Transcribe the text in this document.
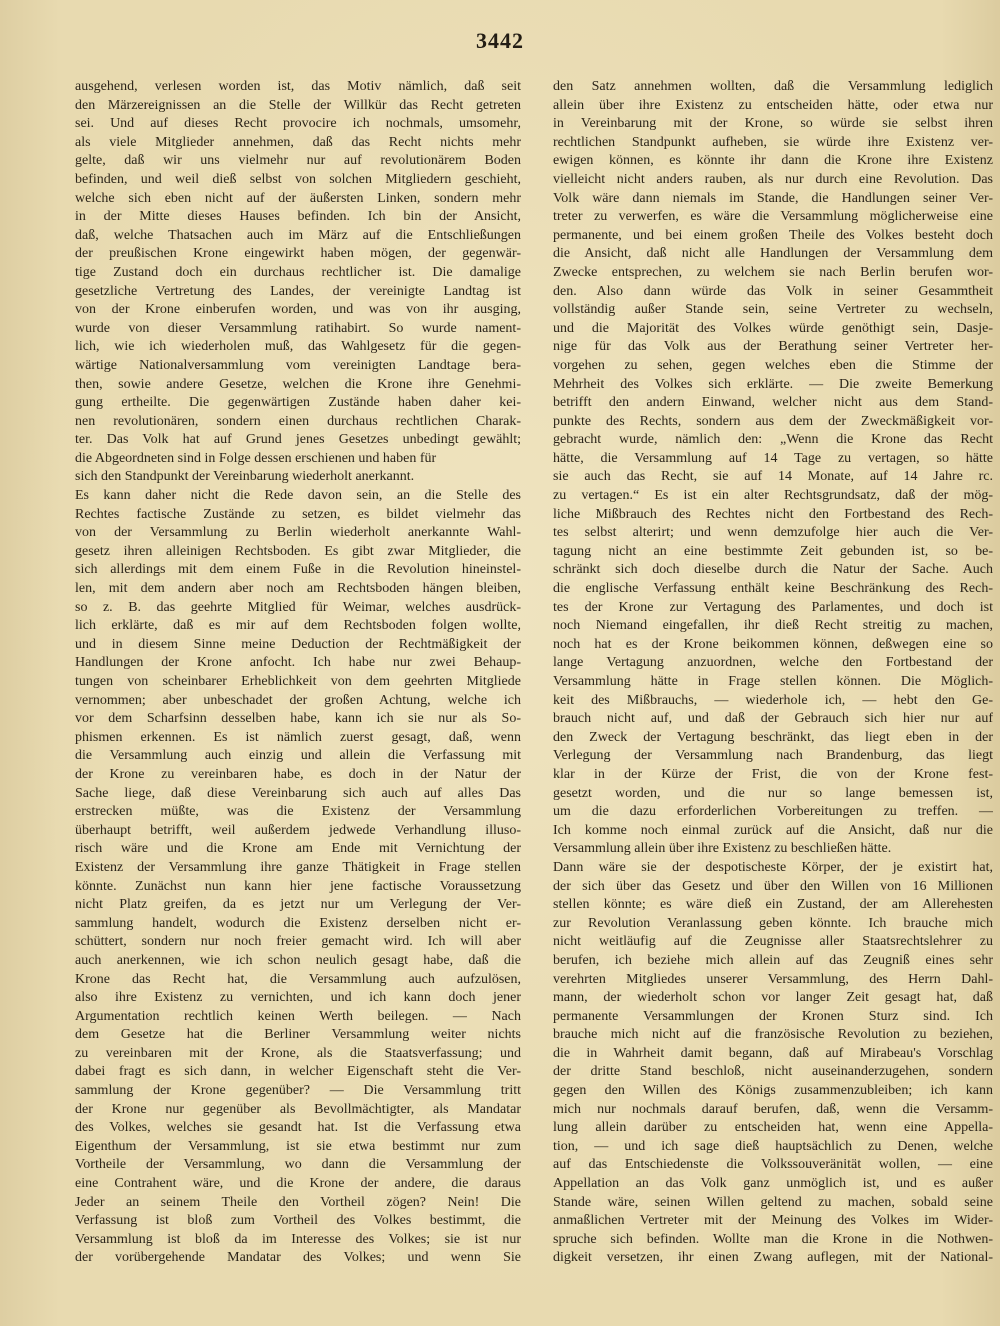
3442
ausgehend, verlesen worden ist, das Motiv nämlich, daß seit
den Märzereignissen an die Stelle der Willkür das Recht getreten
sei. Und auf dieses Recht provocire ich nochmals, umsomehr,
als viele Mitglieder annehmen, daß das Recht nichts mehr
gelte, daß wir uns vielmehr nur auf revolutionärem Boden
befinden, und weil dieß selbst von solchen Mitgliedern geschieht,
welche sich eben nicht auf der äußersten Linken, sondern mehr
in der Mitte dieses Hauses befinden. Ich bin der Ansicht,
daß, welche Thatsachen auch im März auf die Entschließungen
der preußischen Krone eingewirkt haben mögen, der gegenwär-
tige Zustand doch ein durchaus rechtlicher ist. Die damalige
gesetzliche Vertretung des Landes, der vereinigte Landtag ist
von der Krone einberufen worden, und was von ihr ausging,
wurde von dieser Versammlung ratihabirt. So wurde nament-
lich, wie ich wiederholen muß, das Wahlgesetz für die gegen-
wärtige Nationalversammlung vom vereinigten Landtage bera-
then, sowie andere Gesetze, welchen die Krone ihre Genehmi-
gung ertheilte. Die gegenwärtigen Zustände haben daher kei-
nen revolutionären, sondern einen durchaus rechtlichen Charak-
ter. Das Volk hat auf Grund jenes Gesetzes unbedingt gewählt;
die Abgeordneten sind in Folge dessen erschienen und haben für
sich den Standpunkt der Vereinbarung wiederholt anerkannt.
Es kann daher nicht die Rede davon sein, an die Stelle des
Rechtes factische Zustände zu setzen, es bildet vielmehr das
von der Versammlung zu Berlin wiederholt anerkannte Wahl-
gesetz ihren alleinigen Rechtsboden. Es gibt zwar Mitglieder, die
sich allerdings mit dem einem Fuße in die Revolution hineinstel-
len, mit dem andern aber noch am Rechtsboden hängen bleiben,
so z. B. das geehrte Mitglied für Weimar, welches ausdrück-
lich erklärte, daß es mir auf dem Rechtsboden folgen wollte,
und in diesem Sinne meine Deduction der Rechtmäßigkeit der
Handlungen der Krone anfocht. Ich habe nur zwei Behaup-
tungen von scheinbarer Erheblichkeit von dem geehrten Mitgliede
vernommen; aber unbeschadet der großen Achtung, welche ich
vor dem Scharfsinn desselben habe, kann ich sie nur als So-
phismen erkennen. Es ist nämlich zuerst gesagt, daß, wenn
die Versammlung auch einzig und allein die Verfassung mit
der Krone zu vereinbaren habe, es doch in der Natur der
Sache liege, daß diese Vereinbarung sich auch auf alles Das
erstrecken müßte, was die Existenz der Versammlung
überhaupt betrifft, weil außerdem jedwede Verhandlung illuso-
risch wäre und die Krone am Ende mit Vernichtung der
Existenz der Versammlung ihre ganze Thätigkeit in Frage stellen
könnte. Zunächst nun kann hier jene factische Voraussetzung
nicht Platz greifen, da es jetzt nur um Verlegung der Ver-
sammlung handelt, wodurch die Existenz derselben nicht er-
schüttert, sondern nur noch freier gemacht wird. Ich will aber
auch anerkennen, wie ich schon neulich gesagt habe, daß die
Krone das Recht hat, die Versammlung auch aufzulösen,
also ihre Existenz zu vernichten, und ich kann doch jener
Argumentation rechtlich keinen Werth beilegen. — Nach
dem Gesetze hat die Berliner Versammlung weiter nichts
zu vereinbaren mit der Krone, als die Staatsverfassung; und
dabei fragt es sich dann, in welcher Eigenschaft steht die Ver-
sammlung der Krone gegenüber? — Die Versammlung tritt
der Krone nur gegenüber als Bevollmächtigter, als Mandatar
des Volkes, welches sie gesandt hat. Ist die Verfassung etwa
Eigenthum der Versammlung, ist sie etwa bestimmt nur zum
Vortheile der Versammlung, wo dann die Versammlung der
eine Contrahent wäre, und die Krone der andere, die daraus
Jeder an seinem Theile den Vortheil zögen? Nein! Die
Verfassung ist bloß zum Vortheil des Volkes bestimmt, die
Versammlung ist bloß da im Interesse des Volkes; sie ist nur
der vorübergehende Mandatar des Volkes; und wenn Sie
den Satz annehmen wollten, daß die Versammlung lediglich
allein über ihre Existenz zu entscheiden hätte, oder etwa nur
in Vereinbarung mit der Krone, so würde sie selbst ihren
rechtlichen Standpunkt aufheben, sie würde ihre Existenz ver-
ewigen können, es könnte ihr dann die Krone ihre Existenz
vielleicht nicht anders rauben, als nur durch eine Revolution. Das
Volk wäre dann niemals im Stande, die Handlungen seiner Ver-
treter zu verwerfen, es wäre die Versammlung möglicherweise eine
permanente, und bei einem großen Theile des Volkes besteht doch
die Ansicht, daß nicht alle Handlungen der Versammlung dem
Zwecke entsprechen, zu welchem sie nach Berlin berufen wor-
den. Also dann würde das Volk in seiner Gesammtheit
vollständig außer Stande sein, seine Vertreter zu wechseln,
und die Majorität des Volkes würde genöthigt sein, Dasje-
nige für das Volk aus der Berathung seiner Vertreter her-
vorgehen zu sehen, gegen welches eben die Stimme der
Mehrheit des Volkes sich erklärte. — Die zweite Bemerkung
betrifft den andern Einwand, welcher nicht aus dem Stand-
punkte des Rechts, sondern aus dem der Zweckmäßigkeit vor-
gebracht wurde, nämlich den: „Wenn die Krone das Recht
hätte, die Versammlung auf 14 Tage zu vertagen, so hätte
sie auch das Recht, sie auf 14 Monate, auf 14 Jahre rc.
zu vertagen.“ Es ist ein alter Rechtsgrundsatz, daß der mög-
liche Mißbrauch des Rechtes nicht den Fortbestand des Rech-
tes selbst alterirt; und wenn demzufolge hier auch die Ver-
tagung nicht an eine bestimmte Zeit gebunden ist, so be-
schränkt sich doch dieselbe durch die Natur der Sache. Auch
die englische Verfassung enthält keine Beschränkung des Rech-
tes der Krone zur Vertagung des Parlamentes, und doch ist
noch Niemand eingefallen, ihr dieß Recht streitig zu machen,
noch hat es der Krone beikommen können, deßwegen eine so
lange Vertagung anzuordnen, welche den Fortbestand der
Versammlung hätte in Frage stellen können. Die Möglich-
keit des Mißbrauchs, — wiederhole ich, — hebt den Ge-
brauch nicht auf, und daß der Gebrauch sich hier nur auf
den Zweck der Vertagung beschränkt, das liegt eben in der
Verlegung der Versammlung nach Brandenburg, das liegt
klar in der Kürze der Frist, die von der Krone fest-
gesetzt worden, und die nur so lange bemessen ist,
um die dazu erforderlichen Vorbereitungen zu treffen. —
Ich komme noch einmal zurück auf die Ansicht, daß nur die
Versammlung allein über ihre Existenz zu beschließen hätte.
Dann wäre sie der despotischeste Körper, der je existirt hat,
der sich über das Gesetz und über den Willen von 16 Millionen
stellen könnte; es wäre dieß ein Zustand, der am Allerehesten
zur Revolution Veranlassung geben könnte. Ich brauche mich
nicht weitläufig auf die Zeugnisse aller Staatsrechtslehrer zu
berufen, ich beziehe mich allein auf das Zeugniß eines sehr
verehrten Mitgliedes unserer Versammlung, des Herrn Dahl-
mann, der wiederholt schon vor langer Zeit gesagt hat, daß
permanente Versammlungen der Kronen Sturz sind. Ich
brauche mich nicht auf die französische Revolution zu beziehen,
die in Wahrheit damit begann, daß auf Mirabeau's Vorschlag
der dritte Stand beschloß, nicht auseinanderzugehen, sondern
gegen den Willen des Königs zusammenzubleiben; ich kann
mich nur nochmals darauf berufen, daß, wenn die Versamm-
lung allein darüber zu entscheiden hat, wenn eine Appella-
tion, — und ich sage dieß hauptsächlich zu Denen, welche
auf das Entschiedenste die Volkssouveränität wollen, — eine
Appellation an das Volk ganz unmöglich ist, und es außer
Stande wäre, seinen Willen geltend zu machen, sobald seine
anmaßlichen Vertreter mit der Meinung des Volkes im Wider-
spruche sich befinden. Wollte man die Krone in die Nothwen-
digkeit versetzen, ihr einen Zwang auflegen, mit der National-
